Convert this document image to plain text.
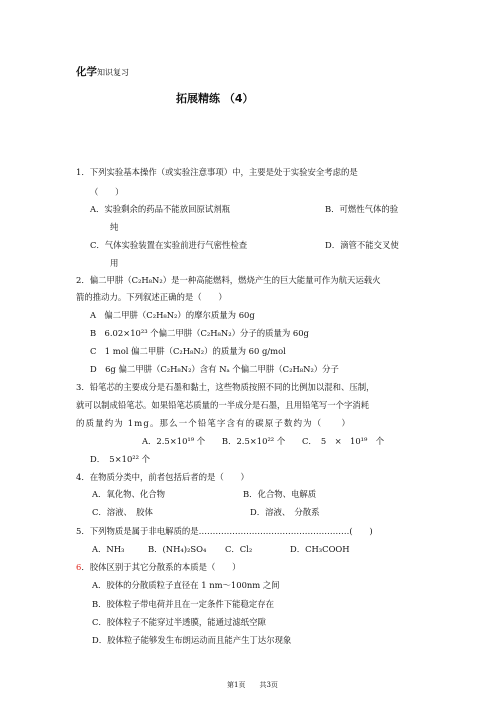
化学知识复习
拓展精练 （4）
1．下列实验基本操作（或实验注意事项）中，主要是处于实验安全考虑的是
（　　）
A．实验剩余的药品不能放回原试剂瓶	B．可燃性气体的验
纯
C．气体实验装置在实验前进行气密性检查	D．滴管不能交叉使
用
2．偏二甲肼（C₂H₈N₂）是一种高能燃料，燃烧产生的巨大能量可作为航天运载火
箭的推动力。下列叙述正确的是（　　）
A　偏二甲肼（C₂H₈N₂）的摩尔质量为 60g
B　6.02×10²³ 个偏二甲肼（C₂H₈N₂）分子的质量为 60g
C　1 mol 偏二甲肼（C₂H₈N₂）的质量为 60 g/mol
D　6g 偏二甲肼（C₂H₈N₂）含有 Nₐ 个偏二甲肼（C₂H₈N₂）分子
3．铅笔芯的主要成分是石墨和黏土，这些物质按照不同的比例加以混和、压制，
就可以制成铅笔芯。如果铅笔芯质量的一半成分是石墨，且用铅笔写一个字消耗
的质量约为 1mg。那么一个铅笔字含有的碳原子数约为（　　）
A．2.5×10¹⁹ 个　　B．2.5×10²² 个　　C．　5　×　10¹⁹　个
D．　5×10²² 个
4．在物质分类中，前者包括后者的是（　　）
A．氧化物、化合物	B．化合物、电解质
C．溶液、　胶体	D．溶液、　分散系
5．下列物质是属于非电解质的是………………………………………………(　　)
A．NH₃	B．(NH₄)₂SO₄ C．Cl₂	D．CH₃COOH
6．胶体区别于其它分散系的本质是（　　）
A．胶体的分散质粒子直径在 1 nm～100nm 之间
B．胶体粒子带电荷并且在一定条件下能稳定存在
C．胶体粒子不能穿过半透膜，能通过滤纸空隙
D．胶体粒子能够发生布朗运动而且能产生丁达尔现象
第1页　　共3页
